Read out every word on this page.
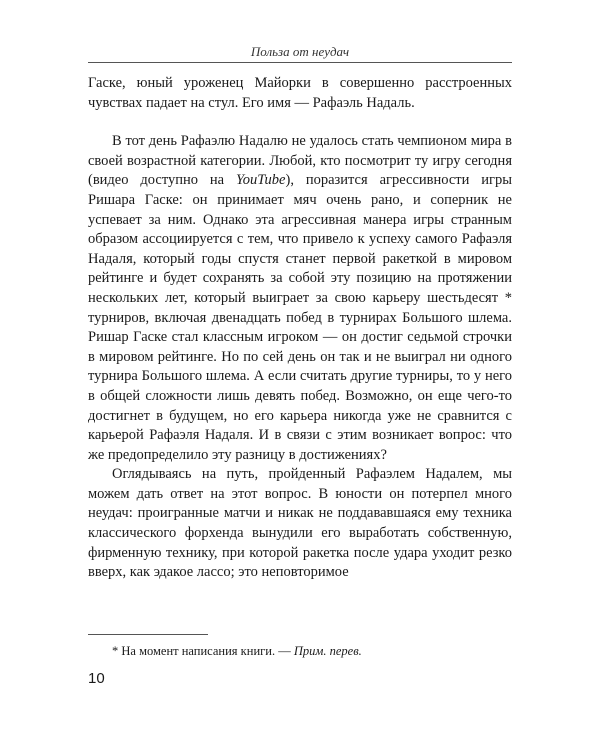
Польза от неудач

Гаске, юный уроженец Майорки в совершенно расстроенных чувствах падает на стул. Его имя — Рафаэль Надаль.

В тот день Рафаэлю Надалю не удалось стать чемпионом мира в своей возрастной категории. Любой, кто посмотрит ту игру сегодня (видео доступно на YouTube), поразится агрессивности игры Ришара Гаске: он принимает мяч очень рано, и соперник не успевает за ним. Однако эта агрессивная манера игры странным образом ассоциируется с тем, что привело к успеху самого Рафаэля Надаля, который годы спустя станет первой ракеткой в мировом рейтинге и будет сохранять за собой эту позицию на протяжении нескольких лет, который выиграет за свою карьеру шестьдесят * турниров, включая двенадцать побед в турнирах Большого шлема. Ришар Гаске стал классным игроком — он достиг седьмой строчки в мировом рейтинге. Но по сей день он так и не выиграл ни одного турнира Большого шлема. А если считать другие турниры, то у него в общей сложности лишь девять побед. Возможно, он еще чего-то достигнет в будущем, но его карьера никогда уже не сравнится с карьерой Рафаэля Надаля. И в связи с этим возникает вопрос: что же предопределило эту разницу в достижениях?

Оглядываясь на путь, пройденный Рафаэлем Надалем, мы можем дать ответ на этот вопрос. В юности он потерпел много неудач: проигранные матчи и никак не поддававшаяся ему техника классического форхенда вынудили его выработать собственную, фирменную технику, при которой ракетка после удара уходит резко вверх, как эдакое лассо; это неповторимое

* На момент написания книги. — Прим. перев.
10
